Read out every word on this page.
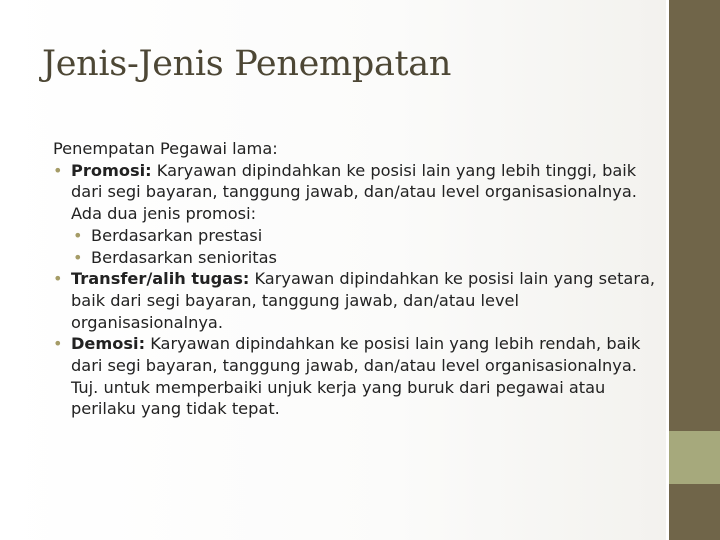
Jenis-Jenis Penempatan

Penempatan Pegawai lama:

• Promosi: Karyawan dipindahkan ke posisi lain yang lebih tinggi, baik dari segi bayaran, tanggung jawab, dan/atau level organisasionalnya. Ada dua jenis promosi:
• Berdasarkan prestasi
• Berdasarkan senioritas
• Transfer/alih tugas: Karyawan dipindahkan ke posisi lain yang setara, baik dari segi bayaran, tanggung jawab, dan/atau level organisasionalnya.
• Demosi: Karyawan dipindahkan ke posisi lain yang lebih rendah, baik dari segi bayaran, tanggung jawab, dan/atau level organisasionalnya. Tuj. untuk memperbaiki unjuk kerja yang buruk dari pegawai atau perilaku yang tidak tepat.
